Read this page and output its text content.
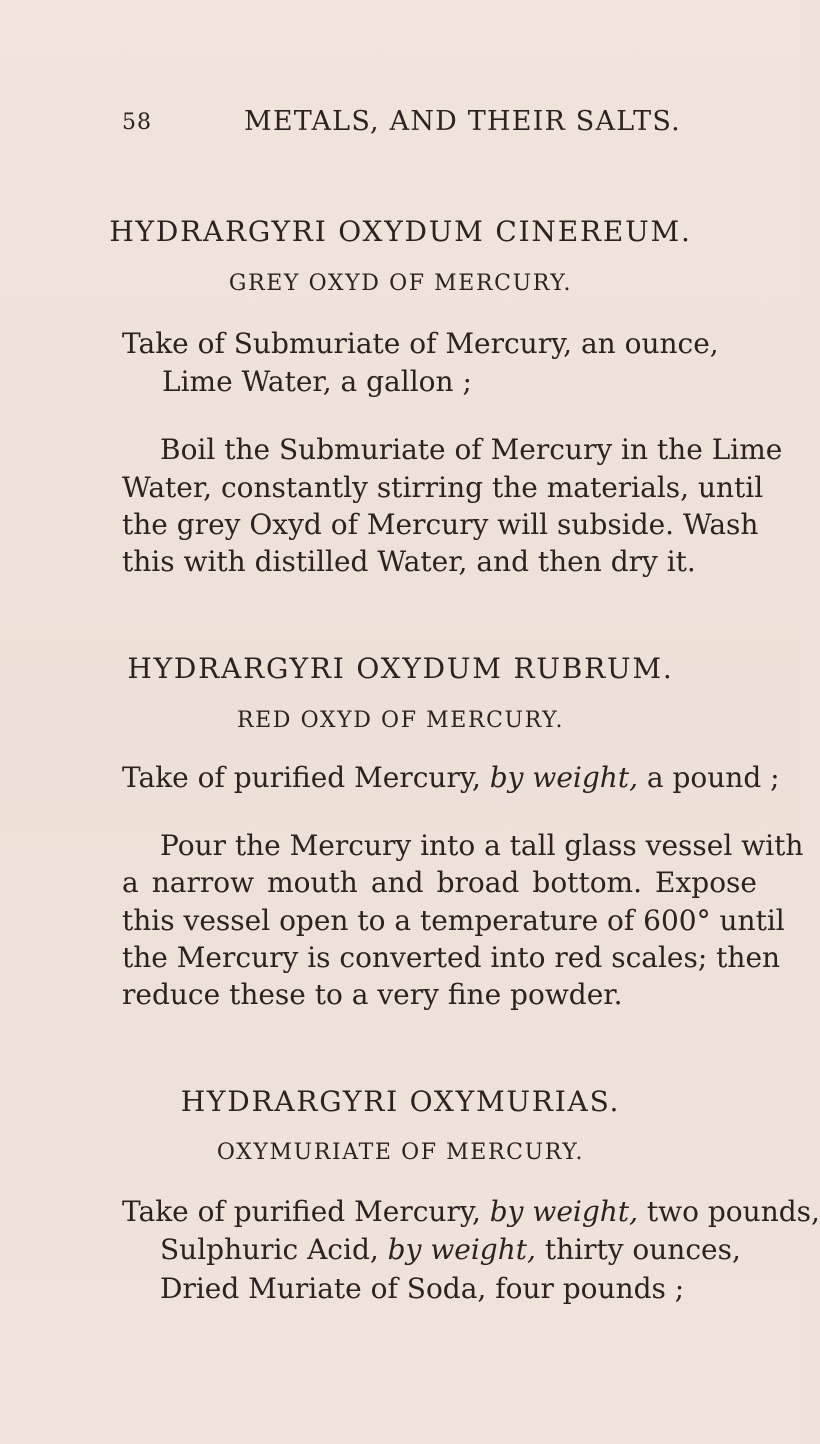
58	METALS, AND THEIR SALTS.
HYDRARGYRI OXYDUM CINEREUM.
GREY OXYD OF MERCURY.
Take of Submuriate of Mercury, an ounce,
Lime Water, a gallon ;
Boil the Submuriate of Mercury in the Lime
Water, constantly stirring the materials, until
the grey Oxyd of Mercury will subside. Wash
this with distilled Water, and then dry it.
HYDRARGYRI OXYDUM RUBRUM.
RED OXYD OF MERCURY.
Take of purified Mercury, by weight, a pound ;
Pour the Mercury into a tall glass vessel with
a narrow mouth and broad bottom. Expose
this vessel open to a temperature of 600° until
the Mercury is converted into red scales; then
reduce these to a very fine powder.
HYDRARGYRI OXYMURIAS.
OXYMURIATE OF MERCURY.
Take of purified Mercury, by weight, two pounds,
Sulphuric Acid, by weight, thirty ounces,
Dried Muriate of Soda, four pounds ;
